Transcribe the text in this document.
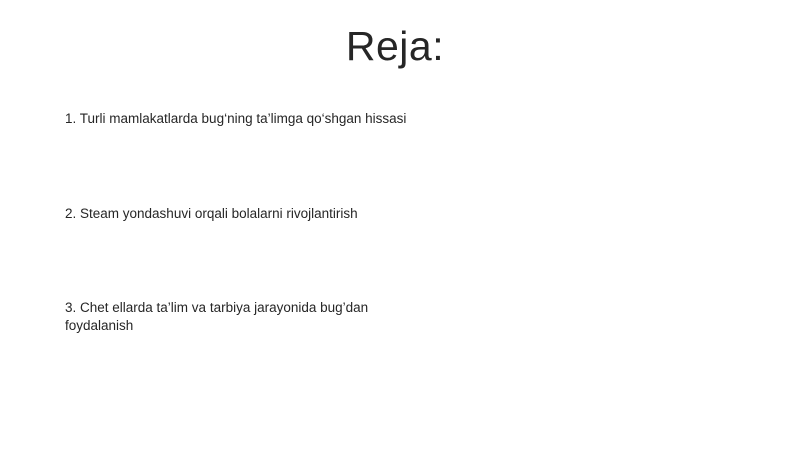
Reja:
1. Turli mamlakatlarda bug‘ning ta’limga qo‘shgan hissasi
2. Steam yondashuvi orqali bolalarni rivojlantirish
3. Chet ellarda ta’lim va tarbiya jarayonida bug’dan foydalanish
